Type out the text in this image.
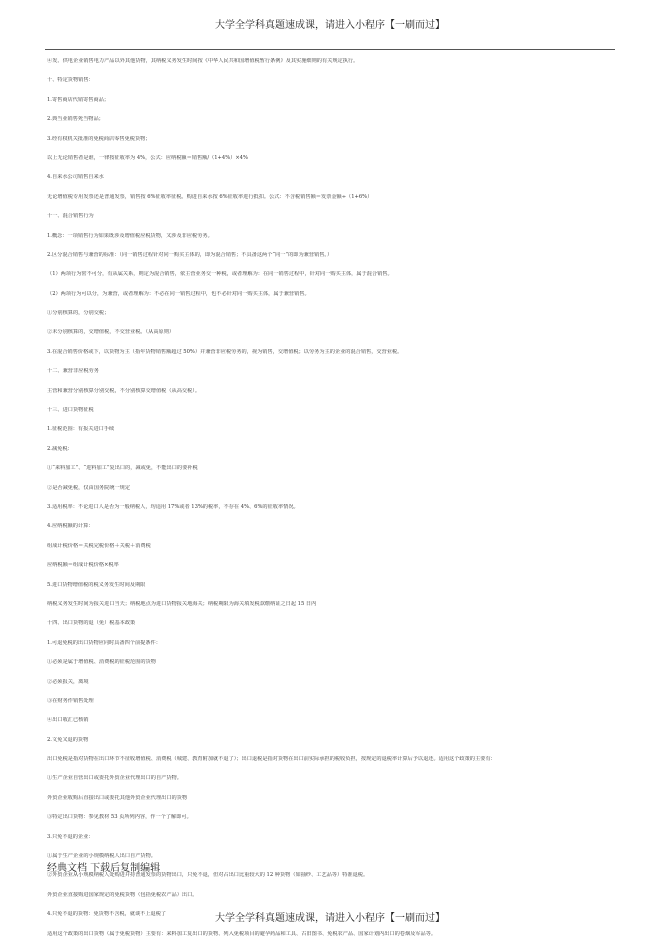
大学全学科真题速成课，请进入小程序【一刷而过】
④发、供电企业销售电力产品以外其他货物，其纳税义务发生时间按《中华人民共和国增值税暂行条例》及其实施细则的有关规定执行。
十、特定货物销售：
1.寄售商店代销寄售商品；
2.典当业销售死当物品；
3.经有权机关批准的免税商店零售免税货物；
以上无论销售者是谁，一律按征收率为 4%，公式：应纳税额＝销售额/（1+4%）×4%
4.自来水公司销售自来水
无论增值税专用发票还是普通发票，销售按 6%征收率征税。购进自来水按 6%征收率进行抵扣。公式：不含税销售额＝发票金额÷（1+6%）
十一、混合销售行为
1.概念：一项销售行为如果既涉及增值税应税货物，又涉及非应税劳务。
2.区分混合销售与兼营的标准：（同一销售过程针对同一购买主体的，即为混合销售；不具备这两个“同一”的即为兼营销售。）
（1）两项行为密不可分，有从属关系，则定为混合销售，依主营业务交一种税，或者理解为：在同一销售过程中，针对同一购买主体，属于混合销售。
（2）两项行为可以分，为兼营，或者理解为：不必在同一销售过程中，也不必针对同一购买主体，属于兼营销售。
①分别核算的，分别交税；
②未分别核算的，交增值税，不交营业税。（从高原则）
3.在混合销售价格或下，以货物为主（指年货物销售额超过 50%）并兼营非应税劳务的，视为销售，交增值税；以劳务为主的企业的混合销售，交营业税。
十二、兼营非应税劳务
主营和兼营分别核算分别交税，不分别核算交增值税（从高交税）。
十三、进口货物征税
1.征税范围：有报关进口手续
2.减免税：
①“来料加工”、“进料加工”复出口的，减或免，不能出口的要补税
②是否减免税，仅由国务院统一规定
3.适用税率：不论进口人是否为一般纳税人，均适用 17%或者 13%的税率，不存在 4%、6%的征收率情况。
4.应纳税额的计算：
组成计税价格＝关税完税价格＋关税＋消费税
应纳税额＝组成计税价格×税率
5.进口货物增值税的税义务发生时间及期限
纳税义务发生时间为报关进口当天；纳税地点为进口货物报关地海关；纳税期限为海关填发税款缴纳证之日起 15 日内
十四、出口货物的退（免）税基本政策
1.可退免税的出口货物应同时具备四个前提条件：
①必须是属于增值税、消费税的征税范围的货物
②必须报关，离境
③在财务作销售处理
④出口收汇已核销
2.文免又退的货物
出口免税是指对货物在出口环节不征收增值税、消费税（城建、教育附加就不退了）；出口退税是指对货物在出口前实际承担的税收负担，按规定的退税率计算后予以退还。适用这个政策的主要有：
①生产企业自营出口或委托外贸企业代理出口的自产货物。
外贸企业收购后直接出口或委托其他外贸企业代理出口的货物
③特定出口货物：参见教材 53 页所列内容，作一个了解即可。
3.只免不退的企业：
①属于生产企业的小规模纳税人出口自产货物。
②外贸企业从小规模纳税人处购进并持普通发票的货物出口，只免不退，但对占出口比重较大的 12 种货物（如抽纱、工艺品等）特准退税。
外贸企业直接购进国家规定的免税货物（包括免税农产品）出口。
4.只免不退的货物：免货物不含税，就谈不上退税了
适用这个政策的出口货物（属于免税货物）主要有：来料加工复出口的货物、列入免税项目的避孕药品和工具、古旧图书、免税农产品、国家计划内出口的卷烟及军品等。
经典文档 下载后复制编辑
大学全学科真题速成课，请进入小程序【一刷而过】
